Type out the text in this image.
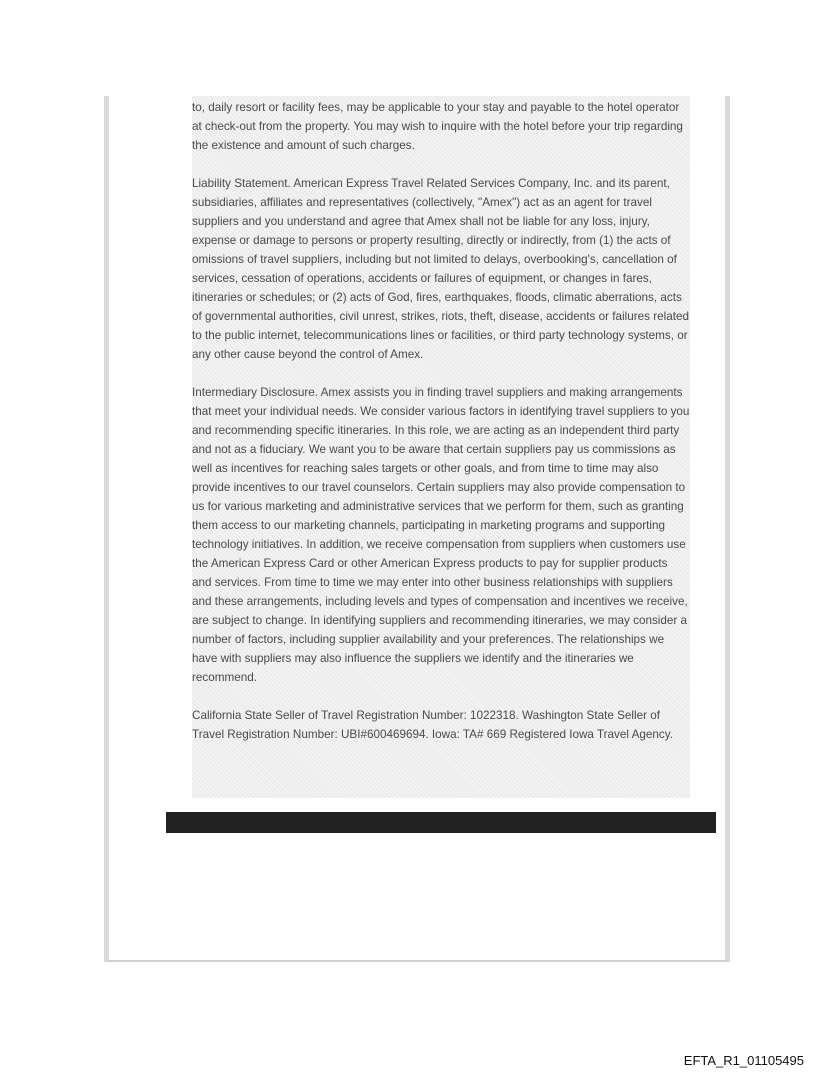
to, daily resort or facility fees, may be applicable to your stay and payable to the hotel operator at check-out from the property. You may wish to inquire with the hotel before your trip regarding the existence and amount of such charges.

Liability Statement. American Express Travel Related Services Company, Inc. and its parent, subsidiaries, affiliates and representatives (collectively, "Amex") act as an agent for travel suppliers and you understand and agree that Amex shall not be liable for any loss, injury, expense or damage to persons or property resulting, directly or indirectly, from (1) the acts of omissions of travel suppliers, including but not limited to delays, overbooking's, cancellation of services, cessation of operations, accidents or failures of equipment, or changes in fares, itineraries or schedules; or (2) acts of God, fires, earthquakes, floods, climatic aberrations, acts of governmental authorities, civil unrest, strikes, riots, theft, disease, accidents or failures related to the public internet, telecommunications lines or facilities, or third party technology systems, or any other cause beyond the control of Amex.

Intermediary Disclosure. Amex assists you in finding travel suppliers and making arrangements that meet your individual needs. We consider various factors in identifying travel suppliers to you and recommending specific itineraries. In this role, we are acting as an independent third party and not as a fiduciary. We want you to be aware that certain suppliers pay us commissions as well as incentives for reaching sales targets or other goals, and from time to time may also provide incentives to our travel counselors. Certain suppliers may also provide compensation to us for various marketing and administrative services that we perform for them, such as granting them access to our marketing channels, participating in marketing programs and supporting technology initiatives. In addition, we receive compensation from suppliers when customers use the American Express Card or other American Express products to pay for supplier products and services. From time to time we may enter into other business relationships with suppliers and these arrangements, including levels and types of compensation and incentives we receive, are subject to change. In identifying suppliers and recommending itineraries, we may consider a number of factors, including supplier availability and your preferences. The relationships we have with suppliers may also influence the suppliers we identify and the itineraries we recommend.

California State Seller of Travel Registration Number: 1022318. Washington State Seller of Travel Registration Number: UBI#600469694. Iowa: TA# 669 Registered Iowa Travel Agency.

EFTA_R1_01105495
